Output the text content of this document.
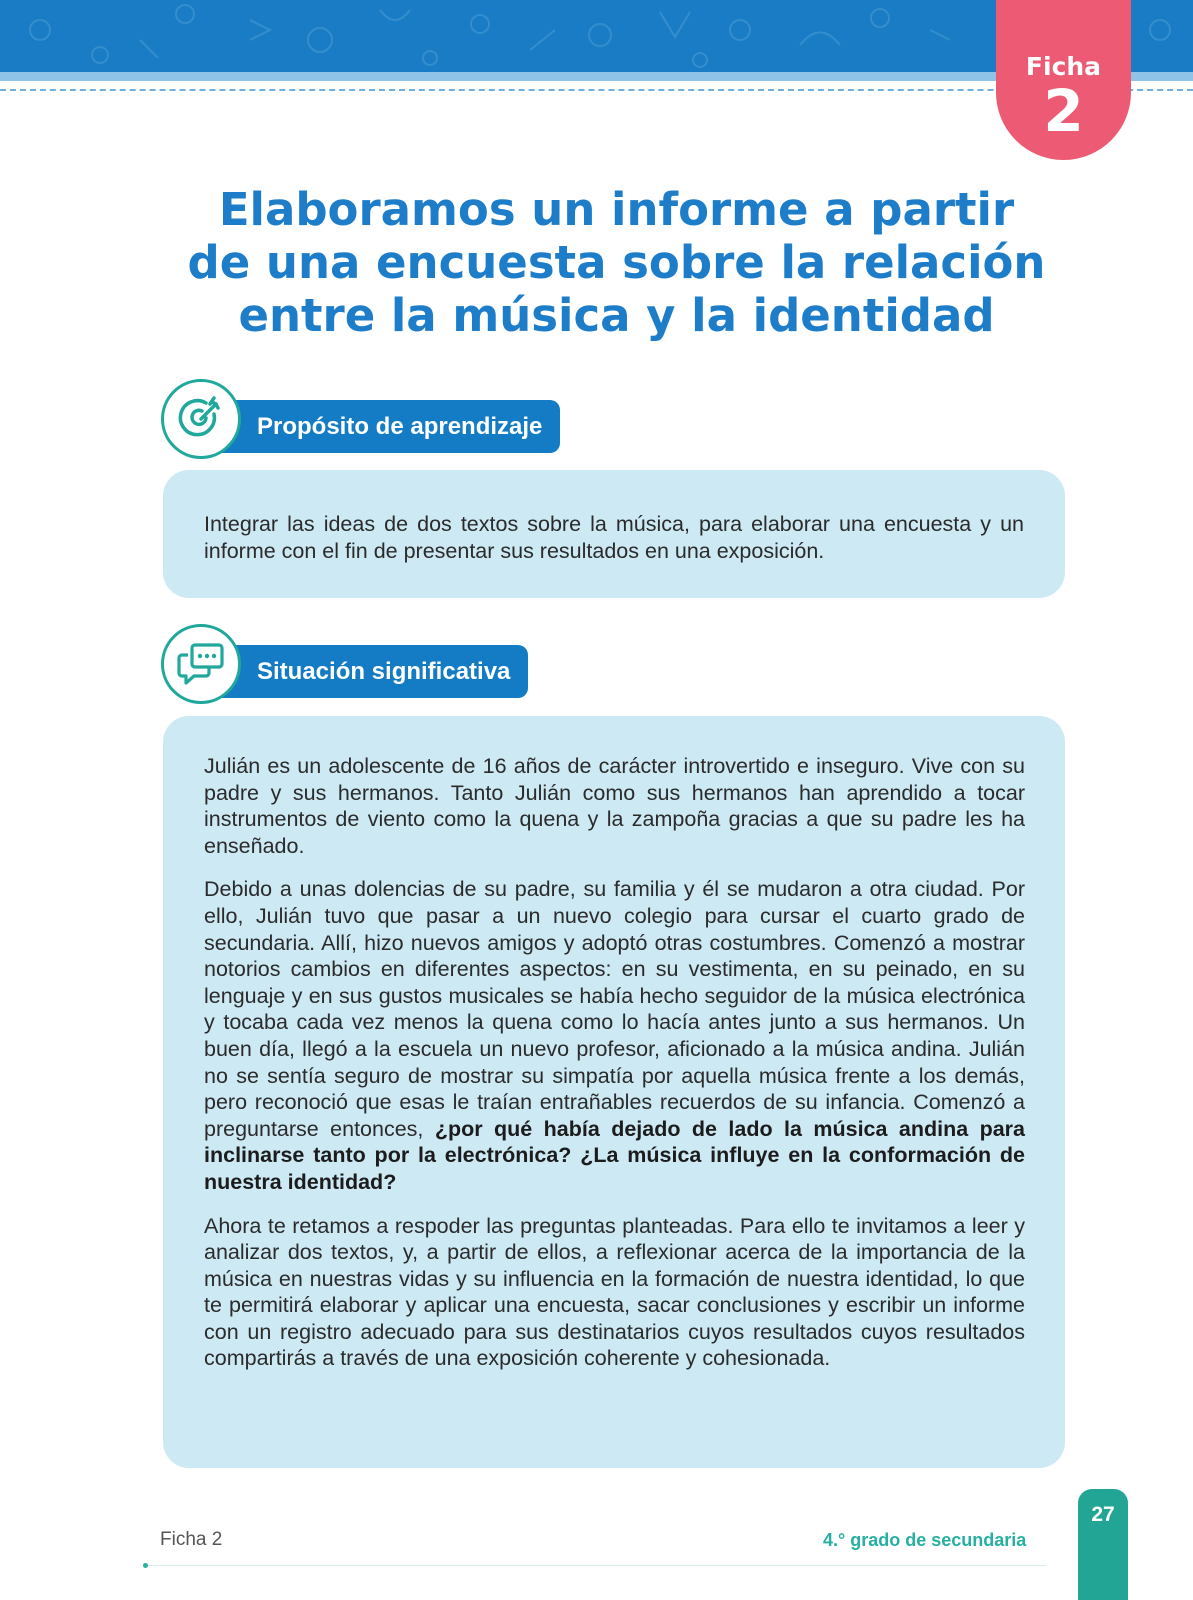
Ficha
2
Elaboramos un informe a partir
de una encuesta sobre la relación
entre la música y la identidad
Propósito de aprendizaje

Integrar las ideas de dos textos sobre la música, para elaborar una encuesta y un informe con el fin de presentar sus resultados en una exposición.

Situación significativa

Julián es un adolescente de 16 años de carácter introvertido e inseguro. Vive con su padre y sus hermanos. Tanto Julián como sus hermanos han aprendido a tocar instrumentos de viento como la quena y la zampoña gracias a que su padre les ha enseñado.

Debido a unas dolencias de su padre, su familia y él se mudaron a otra ciudad. Por ello, Julián tuvo que pasar a un nuevo colegio para cursar el cuarto grado de secundaria. Allí, hizo nuevos amigos y adoptó otras costumbres. Comenzó a mostrar notorios cambios en diferentes aspectos: en su vestimenta, en su peinado, en su lenguaje y en sus gustos musicales se había hecho seguidor de la música electrónica y tocaba cada vez menos la quena como lo hacía antes junto a sus hermanos. Un buen día, llegó a la escuela un nuevo profesor, aficionado a la música andina. Julián no se sentía seguro de mostrar su simpatía por aquella música frente a los demás, pero reconoció que esas le traían entrañables recuerdos de su infancia. Comenzó a preguntarse entonces, ¿por qué había dejado de lado la música andina para inclinarse tanto por la electrónica? ¿La música influye en la conformación de nuestra identidad?

Ahora te retamos a respoder las preguntas planteadas. Para ello te invitamos a leer y analizar dos textos, y, a partir de ellos, a reflexionar acerca de la importancia de la música en nuestras vidas y su influencia en la formación de nuestra identidad, lo que te permitirá elaborar y aplicar una encuesta, sacar conclusiones y escribir un informe con un registro adecuado para sus destinatarios cuyos resultados cuyos resultados compartirás a través de una exposición coherente y cohesionada.

Ficha 2	4.° grado de secundaria
27
